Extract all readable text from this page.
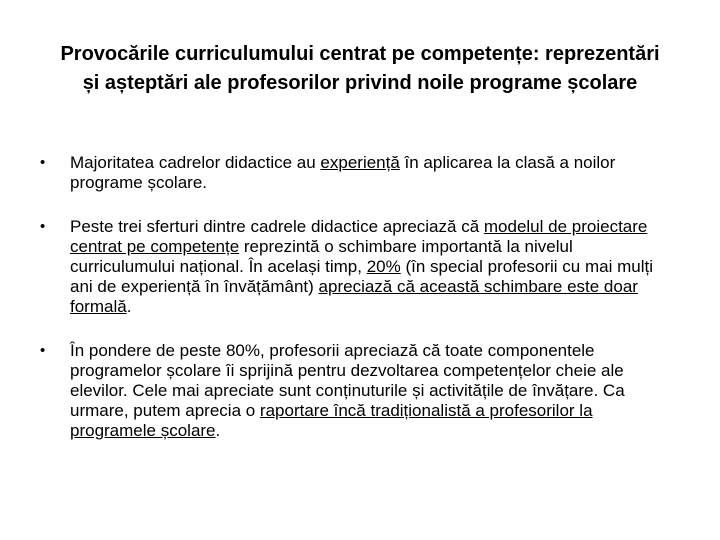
Provocările curriculumului centrat pe competențe: reprezentări
și așteptări ale profesorilor privind noile programe școlare
• Majoritatea cadrelor didactice au experiență în aplicarea la clasă a noilor programe școlare.
• Peste trei sferturi dintre cadrele didactice apreciază că modelul de proiectare centrat pe competențe reprezintă o schimbare importantă la nivelul curriculumului național. În același timp, 20% (în special profesorii cu mai mulți ani de experiență în învățământ) apreciază că această schimbare este doar formală.
• În pondere de peste 80%, profesorii apreciază că toate componentele programelor școlare îi sprijină pentru dezvoltarea competențelor cheie ale elevilor. Cele mai apreciate sunt conținuturile și activitățile de învățare. Ca urmare, putem aprecia o raportare încă tradiționalistă a profesorilor la programele școlare.
